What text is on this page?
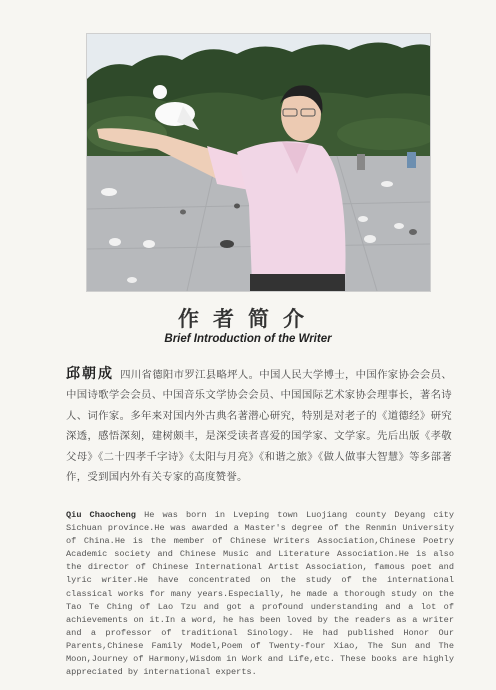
作者简介
Brief Introduction of the Writer
邱朝成 四川省德阳市罗江县略坪人。中国人民大学博士，中国作家协会会员、中国诗歌学会会员、中国音乐文学协会会员、中国国际艺术家协会理事长，著名诗人、词作家。多年来对国内外古典名著潜心研究，特别是对老子的《道德经》研究深透，感悟深刻，建树颇丰，是深受读者喜爱的国学家、文学家。先后出版《孝敬父母》《二十四孝千字诗》《太阳与月亮》《和谐之旅》《做人做事大智慧》等多部著作，受到国内外有关专家的高度赞誉。
Qiu Chaocheng He was born in Lveping town Luojiang county Deyang city Sichuan province.He was awarded a Master's degree of the Renmin University of China.He is the member of Chinese Writers Association,Chinese Poetry Academic society and Chinese Music and Literature Association.He is also the director of Chinese International Artist Association, famous poet and lyric writer.He have concentrated on the study of the international classical works for many years.Especially, he made a thorough study on the Tao Te Ching of Lao Tzu and got a profound understanding and a lot of achievements on it.In a word, he has been loved by the readers as a writer and a professor of traditional Sinology. He had published Honor Our Parents,Chinese Family Model,Poem of Twenty-four Xiao, The Sun and The Moon,Journey of Harmony,Wisdom in Work and Life,etc. These books are highly appreciated by international experts.
